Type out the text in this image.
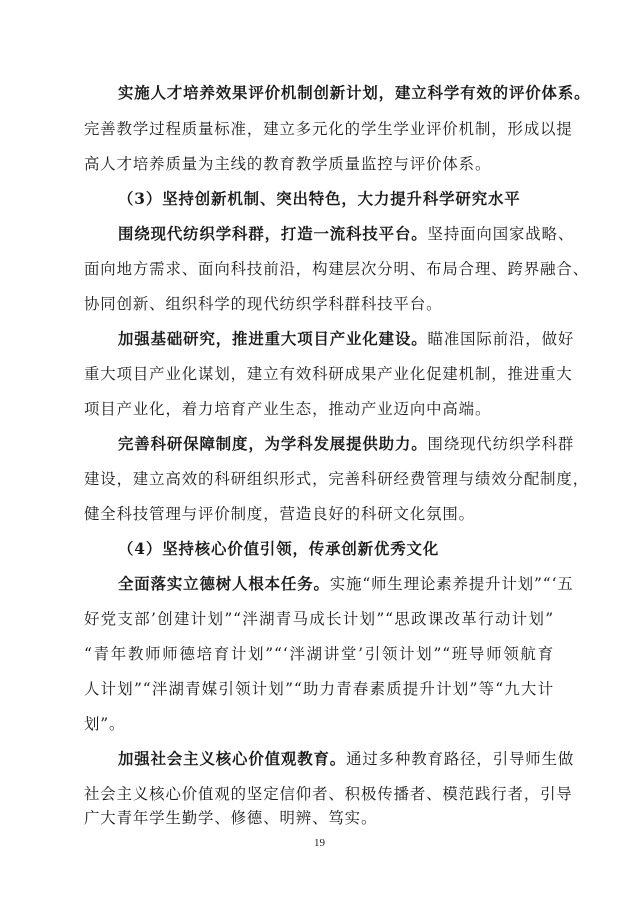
实施人才培养效果评价机制创新计划，建立科学有效的评价体系。
完善教学过程质量标准，建立多元化的学生学业评价机制，形成以提
高人才培养质量为主线的教育教学质量监控与评价体系。
（3）坚持创新机制、突出特色，大力提升科学研究水平
围绕现代纺织学科群，打造一流科技平台。坚持面向国家战略、
面向地方需求、面向科技前沿，构建层次分明、布局合理、跨界融合、
协同创新、组织科学的现代纺织学科群科技平台。
加强基础研究，推进重大项目产业化建设。瞄准国际前沿，做好
重大项目产业化谋划，建立有效科研成果产业化促建机制，推进重大
项目产业化，着力培育产业生态，推动产业迈向中高端。
完善科研保障制度，为学科发展提供助力。围绕现代纺织学科群
建设，建立高效的科研组织形式，完善科研经费管理与绩效分配制度，
健全科技管理与评价制度，营造良好的科研文化氛围。
（4）坚持核心价值引领，传承创新优秀文化
全面落实立德树人根本任务。实施“师生理论素养提升计划”“‘五
好党支部’创建计划”“泮湖青马成长计划”“思政课改革行动计划”
“青年教师师德培育计划”“‘泮湖讲堂’引领计划”“班导师领航育
人计划”“泮湖青媒引领计划”“助力青春素质提升计划”等“九大计
划”。
加强社会主义核心价值观教育。通过多种教育路径，引导师生做
社会主义核心价值观的坚定信仰者、积极传播者、模范践行者，引导
广大青年学生勤学、修德、明辨、笃实。
19
